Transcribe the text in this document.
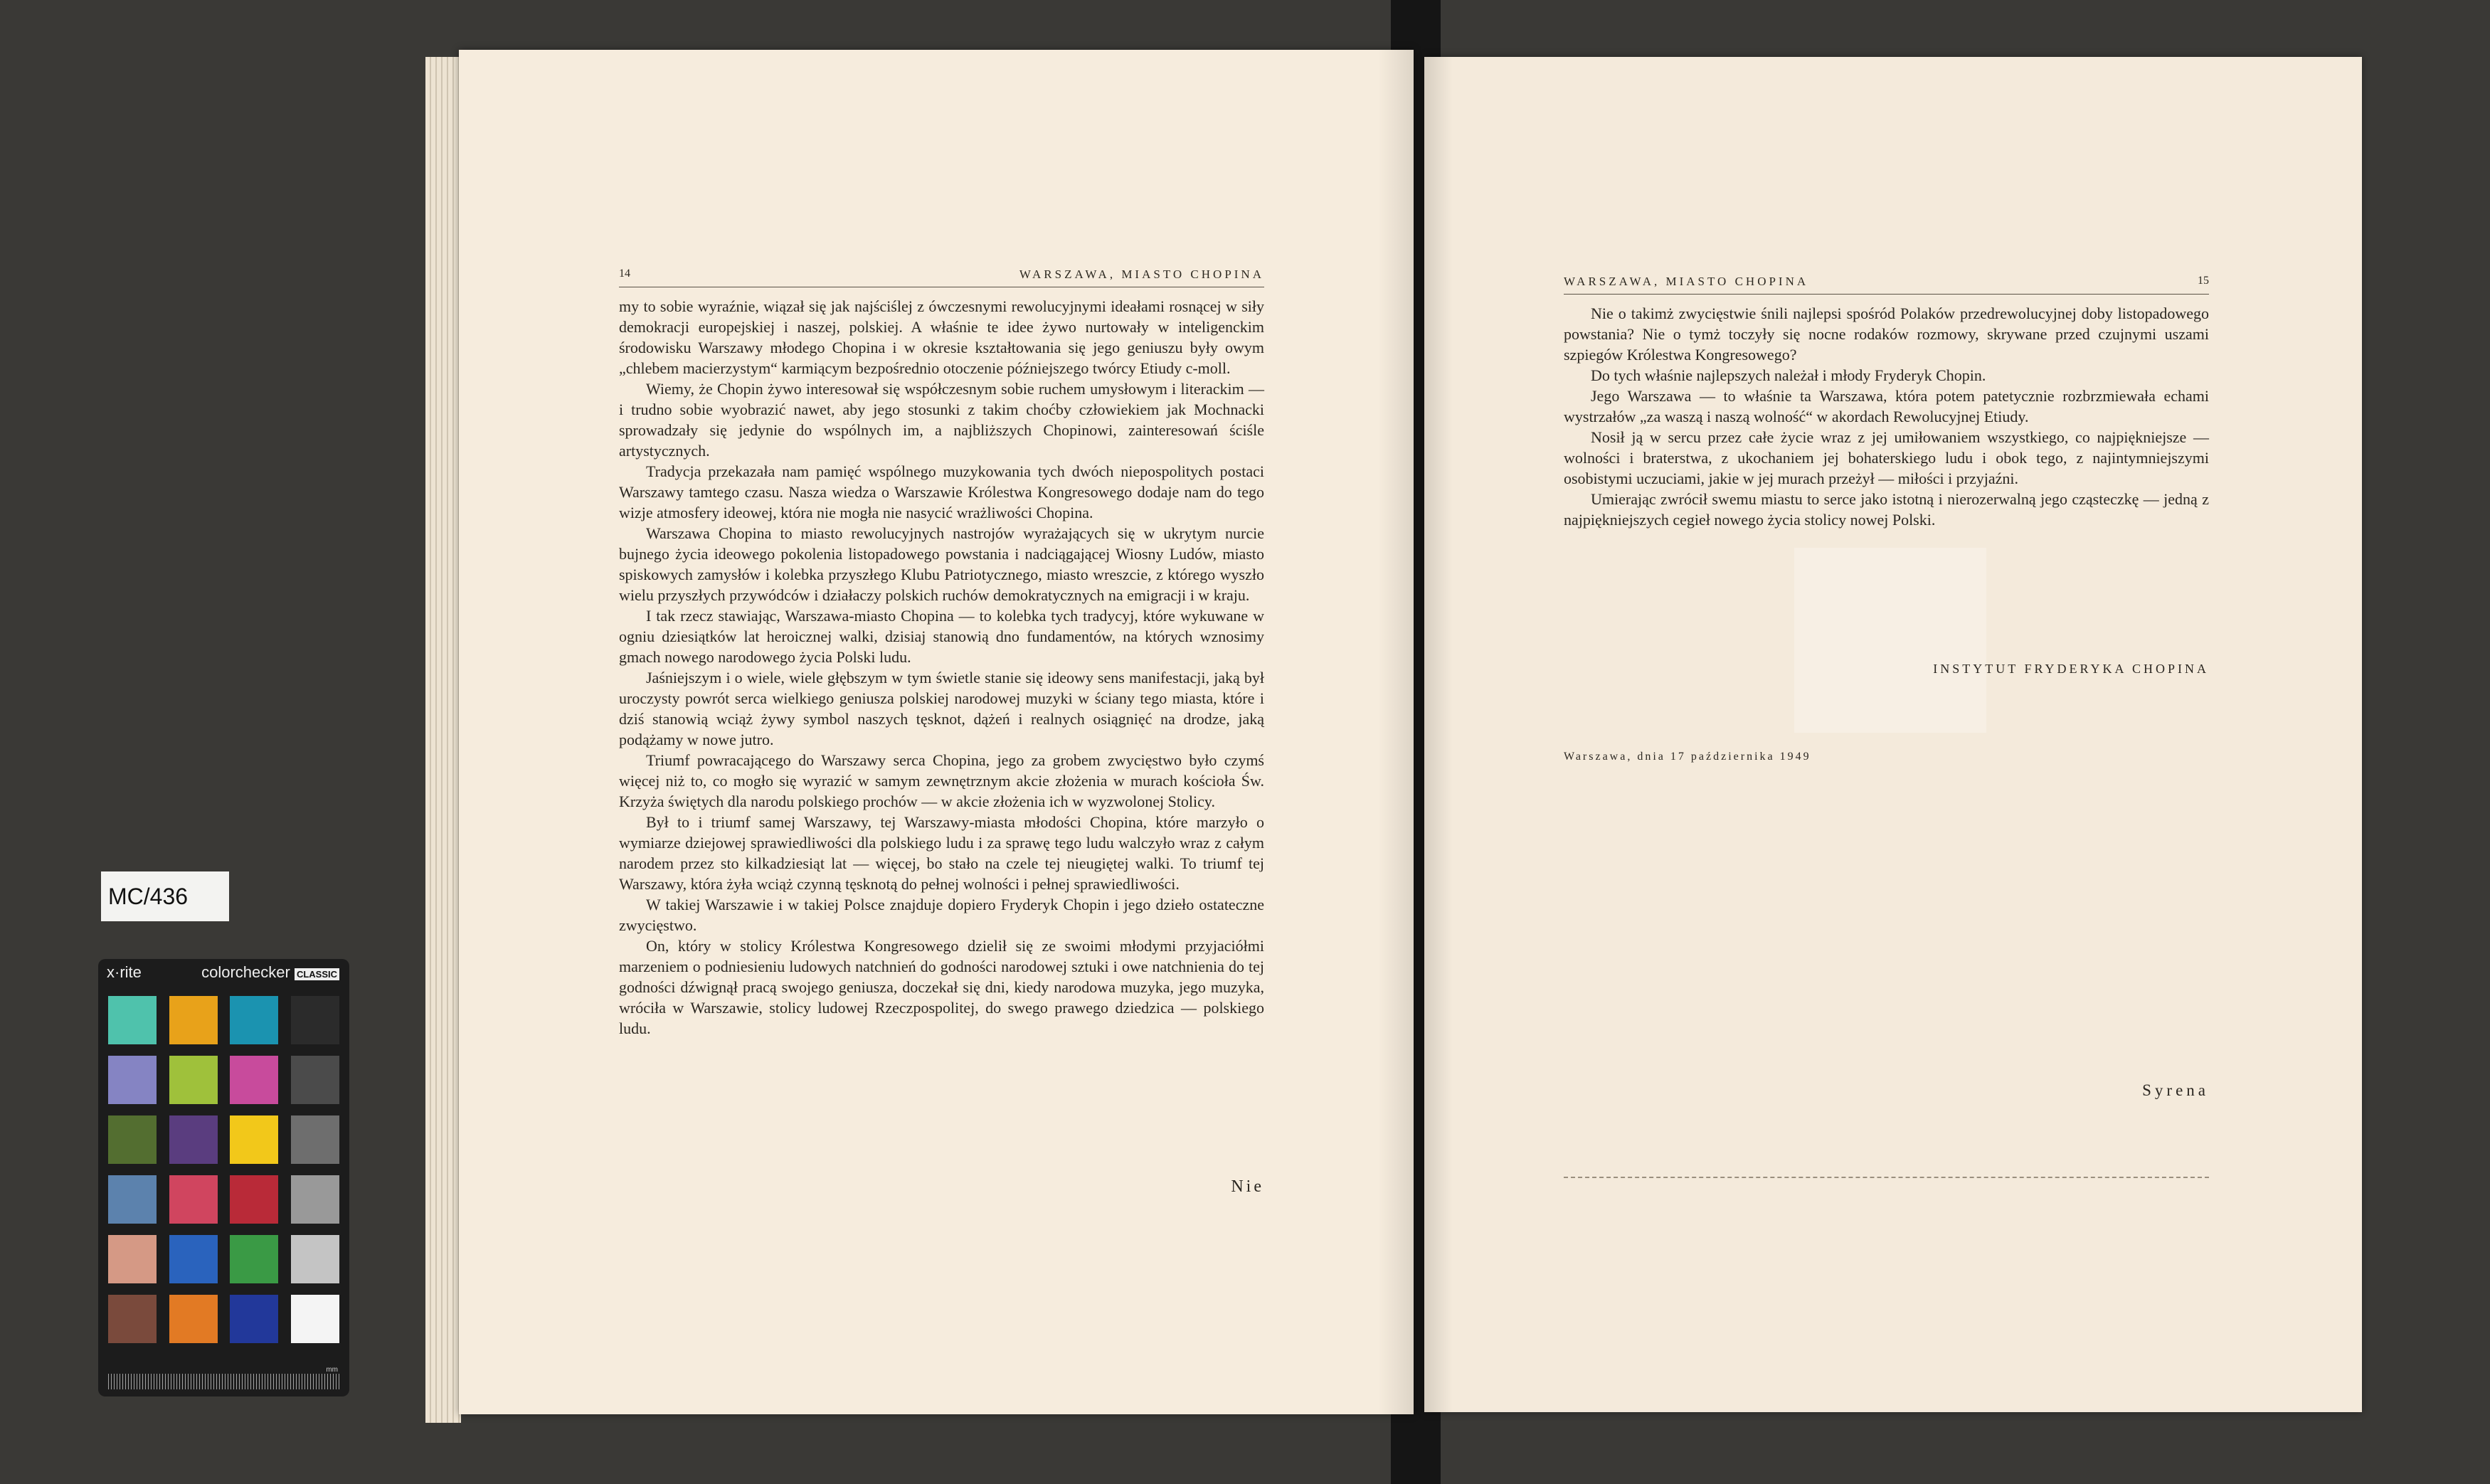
14	WARSZAWA, MIASTO CHOPINA

my to sobie wyraźnie, wiązał się jak najściślej z ówczesnymi rewolucyjnymi ideałami rosnącej w siły demokracji europejskiej i naszej, polskiej. A właśnie te idee żywo nurtowały w inteligenckim środowisku Warszawy młodego Chopina i w okresie kształtowania się jego geniuszu były owym „chlebem macierzystym“ karmiącym bezpośrednio otoczenie późniejszego twórcy Etiudy c-moll.

Wiemy, że Chopin żywo interesował się współczesnym sobie ruchem umysłowym i literackim — i trudno sobie wyobrazić nawet, aby jego stosunki z takim choćby człowiekiem jak Mochnacki sprowadzały się jedynie do wspólnych im, a najbliższych Chopinowi, zainteresowań ściśle artystycznych.

Tradycja przekazała nam pamięć wspólnego muzykowania tych dwóch niepospolitych postaci Warszawy tamtego czasu. Nasza wiedza o Warszawie Królestwa Kongresowego dodaje nam do tego wizje atmosfery ideowej, która nie mogła nie nasycić wrażliwości Chopina.

Warszawa Chopina to miasto rewolucyjnych nastrojów wyrażających się w ukrytym nurcie bujnego życia ideowego pokolenia listopadowego powstania i nadciągającej Wiosny Ludów, miasto spiskowych zamysłów i kolebka przyszłego Klubu Patriotycznego, miasto wreszcie, z którego wyszło wielu przyszłych przywódców i działaczy polskich ruchów demokratycznych na emigracji i w kraju.

I tak rzecz stawiając, Warszawa-miasto Chopina — to kolebka tych tradycyj, które wykuwane w ogniu dziesiątków lat heroicznej walki, dzisiaj stanowią dno fundamentów, na których wznosimy gmach nowego narodowego życia Polski ludu.

Jaśniejszym i o wiele, wiele głębszym w tym świetle stanie się ideowy sens manifestacji, jaką był uroczysty powrót serca wielkiego geniusza polskiej narodowej muzyki w ściany tego miasta, które i dziś stanowią wciąż żywy symbol naszych tęsknot, dążeń i realnych osiągnięć na drodze, jaką podążamy w nowe jutro.

Triumf powracającego do Warszawy serca Chopina, jego za grobem zwycięstwo było czymś więcej niż to, co mogło się wyrazić w samym zewnętrznym akcie złożenia w murach kościoła Św. Krzyża świętych dla narodu polskiego prochów — w akcie złożenia ich w wyzwolonej Stolicy.

Był to i triumf samej Warszawy, tej Warszawy-miasta młodości Chopina, które marzyło o wymiarze dziejowej sprawiedliwości dla polskiego ludu i za sprawę tego ludu walczyło wraz z całym narodem przez sto kilkadziesiąt lat — więcej, bo stało na czele tej nieugiętej walki. To triumf tej Warszawy, która żyła wciąż czynną tęsknotą do pełnej wolności i pełnej sprawiedliwości.

W takiej Warszawie i w takiej Polsce znajduje dopiero Fryderyk Chopin i jego dzieło ostateczne zwycięstwo.

On, który w stolicy Królestwa Kongresowego dzielił się ze swoimi młodymi przyjaciółmi marzeniem o podniesieniu ludowych natchnień do godności narodowej sztuki i owe natchnienia do tej godności dźwignął pracą swojego geniusza, doczekał się dni, kiedy narodowa muzyka, jego muzyka, wróciła w Warszawie, stolicy ludowej Rzeczpospolitej, do swego prawego dziedzica — polskiego ludu.

Nie
WARSZAWA, MIASTO CHOPINA	15

Nie o takimż zwycięstwie śnili najlepsi spośród Polaków przedrewolucyjnej doby listopadowego powstania? Nie o tymż toczyły się nocne rodaków rozmowy, skrywane przed czujnymi uszami szpiegów Królestwa Kongresowego?

Do tych właśnie najlepszych należał i młody Fryderyk Chopin.

Jego Warszawa — to właśnie ta Warszawa, która potem patetycznie rozbrzmiewała echami wystrzałów „za waszą i naszą wolność“ w akordach Rewolucyjnej Etiudy.

Nosił ją w sercu przez całe życie wraz z jej umiłowaniem wszystkiego, co najpiękniejsze — wolności i braterstwa, z ukochaniem jej bohaterskiego ludu i obok tego, z najintymniejszymi osobistymi uczuciami, jakie w jej murach przeżył — miłości i przyjaźni.

Umierając zwrócił swemu miastu to serce jako istotną i nierozerwalną jego cząsteczkę — jedną z najpiękniejszych cegieł nowego życia stolicy nowej Polski.

INSTYTUT FRYDERYKA CHOPINA
Warszawa, dnia 17 października 1949
Syrena
MC/436
x·rite	colorchecker CLASSIC
mm
